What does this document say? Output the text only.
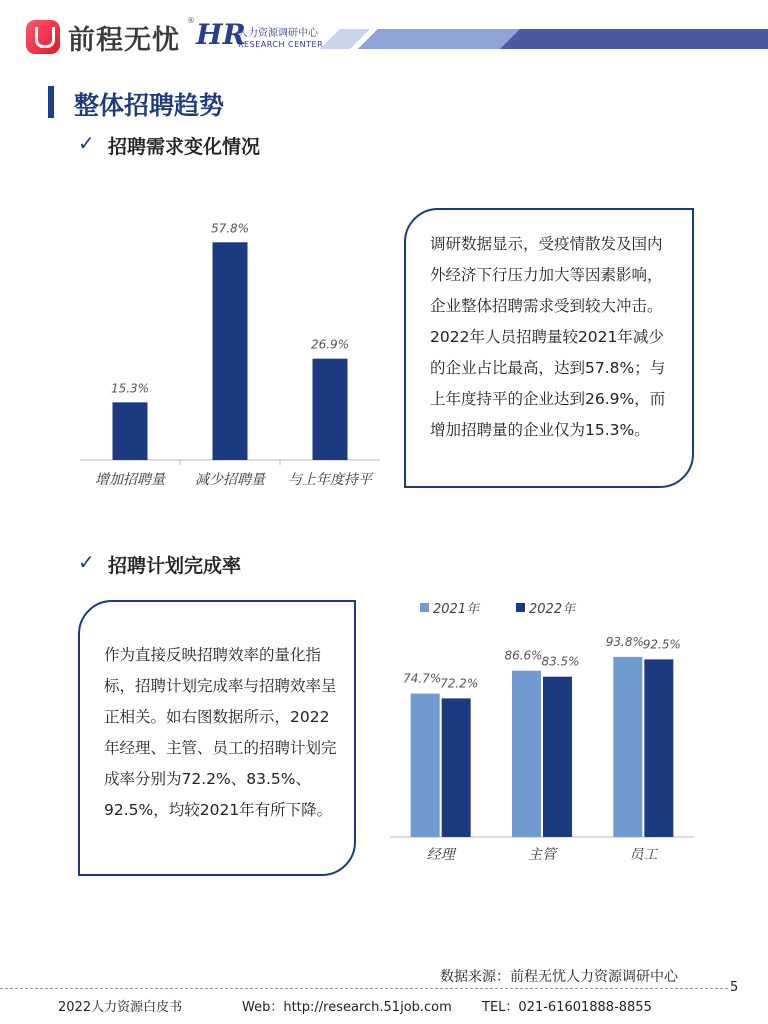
前程无忧
® HR
人力资源调研中心
RESEARCH CENTER
整体招聘趋势
✓ 招聘需求变化情况
15.3%
增加招聘量
57.8%
减少招聘量
26.9%
与上年度持平
调研数据显示，受疫情散发及国内外经济下行压力加大等因素影响，企业整体招聘需求受到较大冲击。2022年人员招聘量较2021年减少的企业占比最高，达到57.8%；与上年度持平的企业达到26.9%，而增加招聘量的企业仅为15.3%。
✓ 招聘计划完成率
作为直接反映招聘效率的量化指标，招聘计划完成率与招聘效率呈正相关。如右图数据所示，2022年经理、主管、员工的招聘计划完成率分别为72.2%、83.5%、92.5%，均较2021年有所下降。
2021年	2022年
74.7%
72.2%
经理
86.6%
83.5%
主管
93.8%
92.5%
员工
数据来源：前程无忧人力资源调研中心
5
2022人力资源白皮书	Web：http://research.51job.com TEL：021-61601888-8855
